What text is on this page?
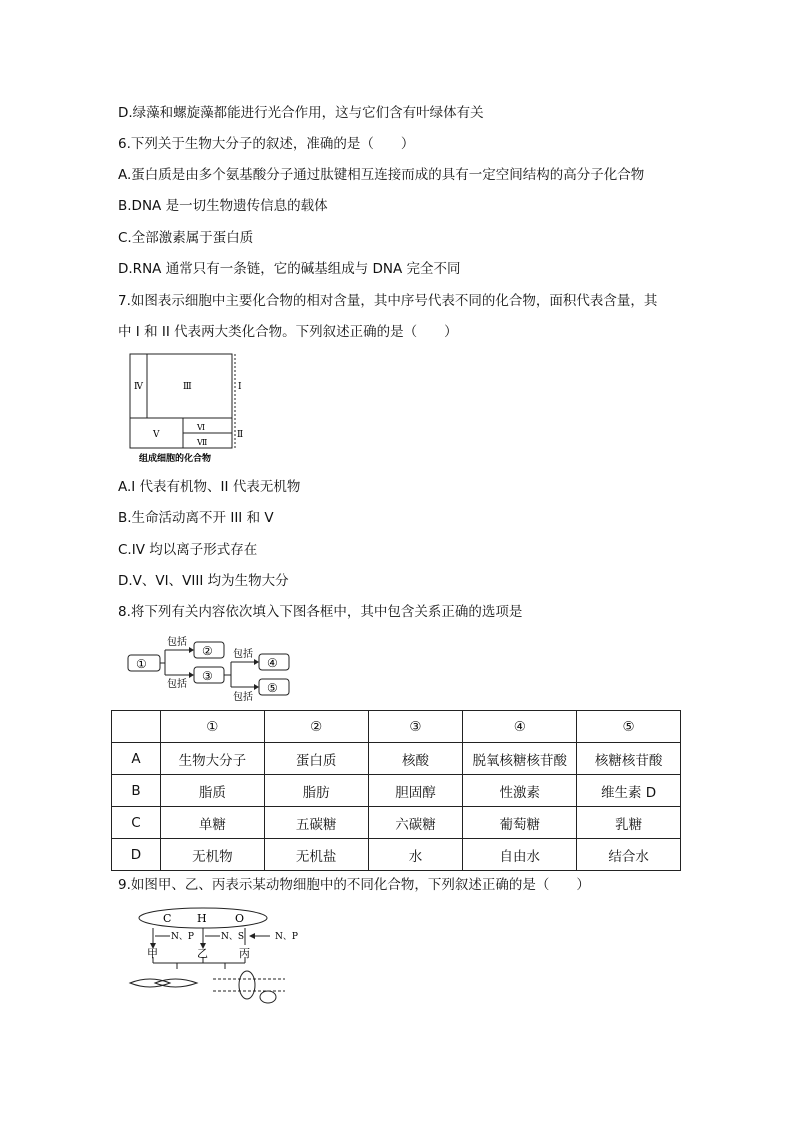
D.绿藻和螺旋藻都能进行光合作用，这与它们含有叶绿体有关
6.下列关于生物大分子的叙述，准确的是（　　）
A.蛋白质是由多个氨基酸分子通过肽键相互连接而成的具有一定空间结构的高分子化合物
B.DNA 是一切生物遗传信息的载体
C.全部激素属于蛋白质
D.RNA 通常只有一条链，它的碱基组成与 DNA 完全不同
7.如图表示细胞中主要化合物的相对含量，其中序号代表不同的化合物，面积代表含量，其
中 I 和 II 代表两大类化合物。下列叙述正确的是（　　）
Ⅳ	Ⅲ	Ⅰ
Ⅴ
Ⅵ
Ⅶ
Ⅱ
组成细胞的化合物
A.I 代表有机物、II 代表无机物
B.生命活动离不开 III 和 V
C.IV 均以离子形式存在
D.V、VI、VIII 均为生物大分
8.将下列有关内容依次填入下图各框中，其中包含关系正确的选项是
①
②
③
④
⑤
包括
包括
包括
包括
	①	②	③	④	⑤
A	生物大分子	蛋白质	核酸	脱氧核糖核苷酸	核糖核苷酸
B	脂质	脂肪	胆固醇	性激素	维生素 D
C	单糖	五碳糖	六碳糖	葡萄糖	乳糖
D	无机物	无机盐	水	自由水	结合水
9.如图甲、乙、丙表示某动物细胞中的不同化合物，下列叙述正确的是（　　）
C H	O
N、P	N、S	N、P
甲	乙	丙
